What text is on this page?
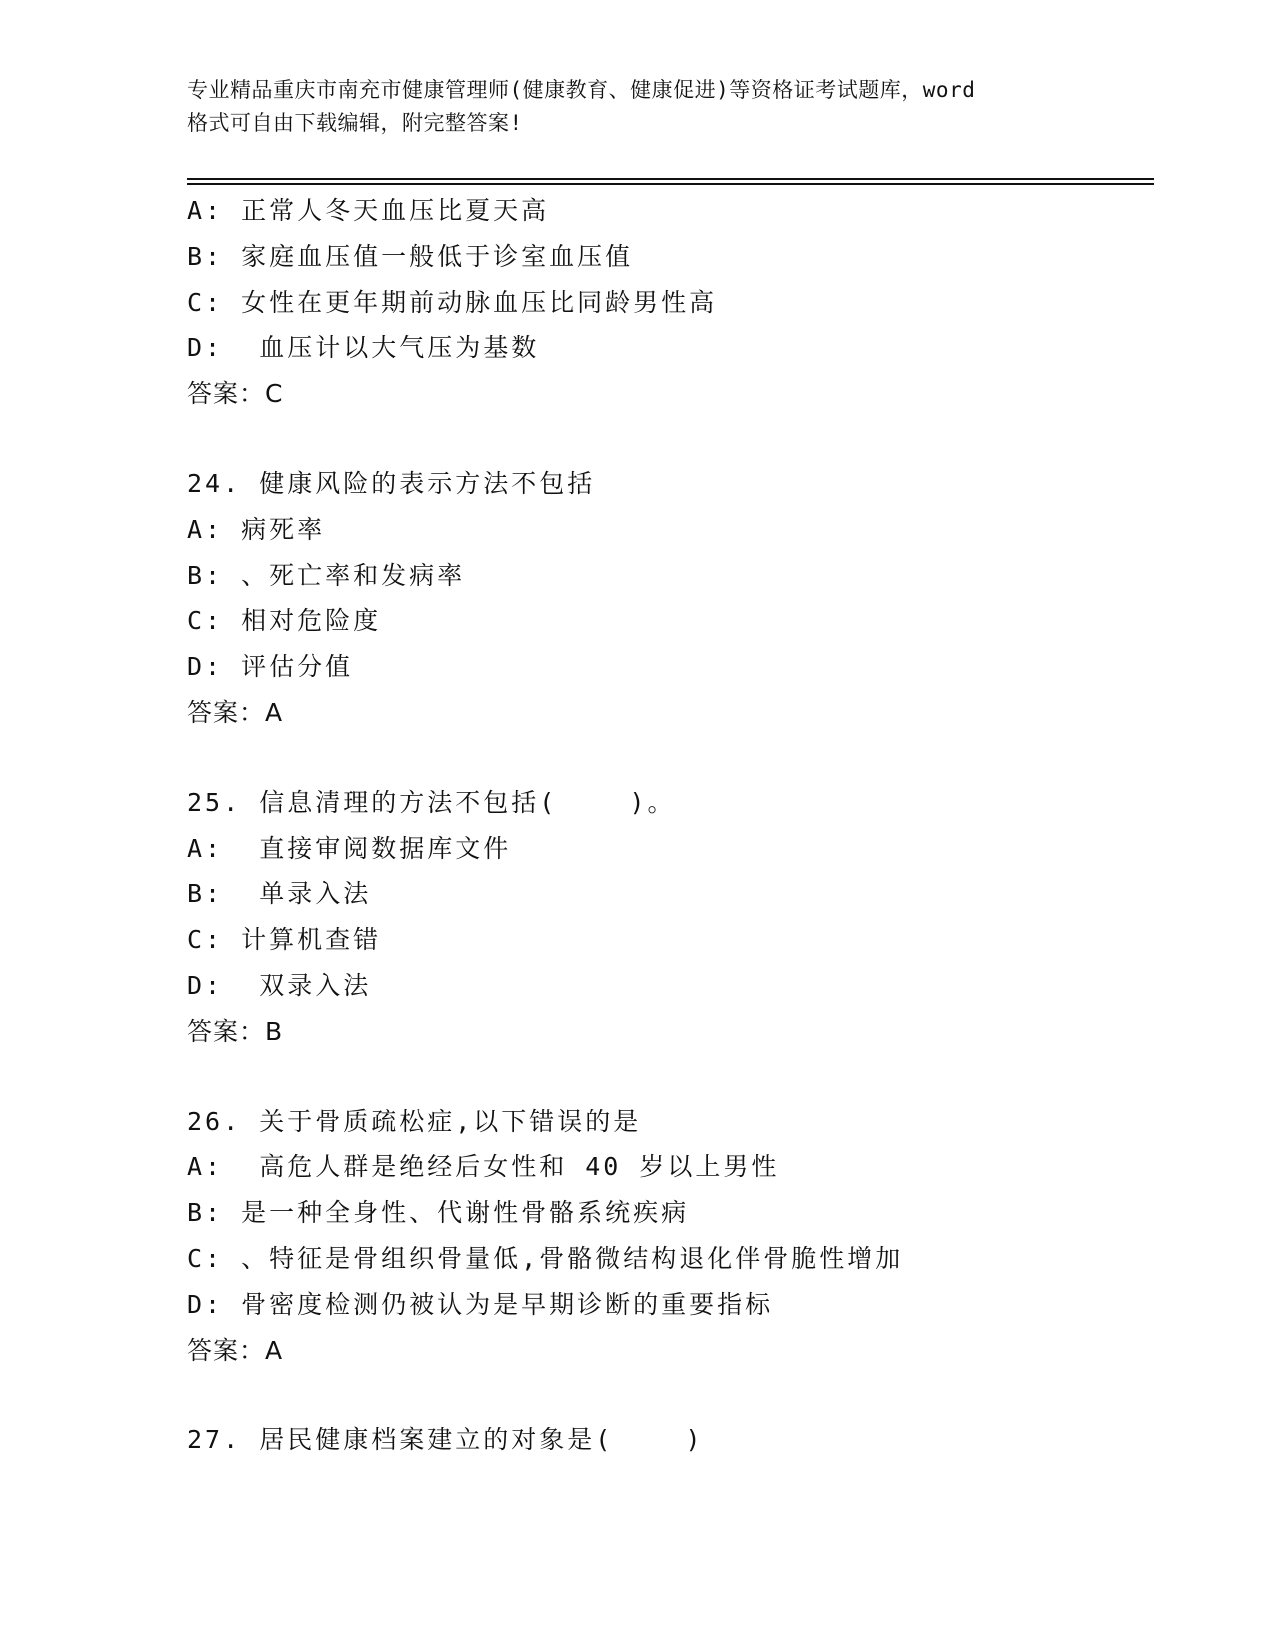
专业精品重庆市南充市健康管理师(健康教育、健康促进)等资格证考试题库，word
格式可自由下载编辑，附完整答案!
A: 正常人冬天血压比夏天高
B: 家庭血压值一般低于诊室血压值
C: 女性在更年期前动脉血压比同龄男性高
D:  血压计以大气压为基数
答案：C
24. 健康风险的表示方法不包括
A: 病死率
B: 、死亡率和发病率
C: 相对危险度
D: 评估分值
答案：A
25. 信息清理的方法不包括(    )。
A:  直接审阅数据库文件
B:  单录入法
C: 计算机查错
D:  双录入法
答案：B
26. 关于骨质疏松症,以下错误的是
A:  高危人群是绝经后女性和 40 岁以上男性
B: 是一种全身性、代谢性骨骼系统疾病
C: 、特征是骨组织骨量低,骨骼微结构退化伴骨脆性增加
D: 骨密度检测仍被认为是早期诊断的重要指标
答案：A
27. 居民健康档案建立的对象是(    )
